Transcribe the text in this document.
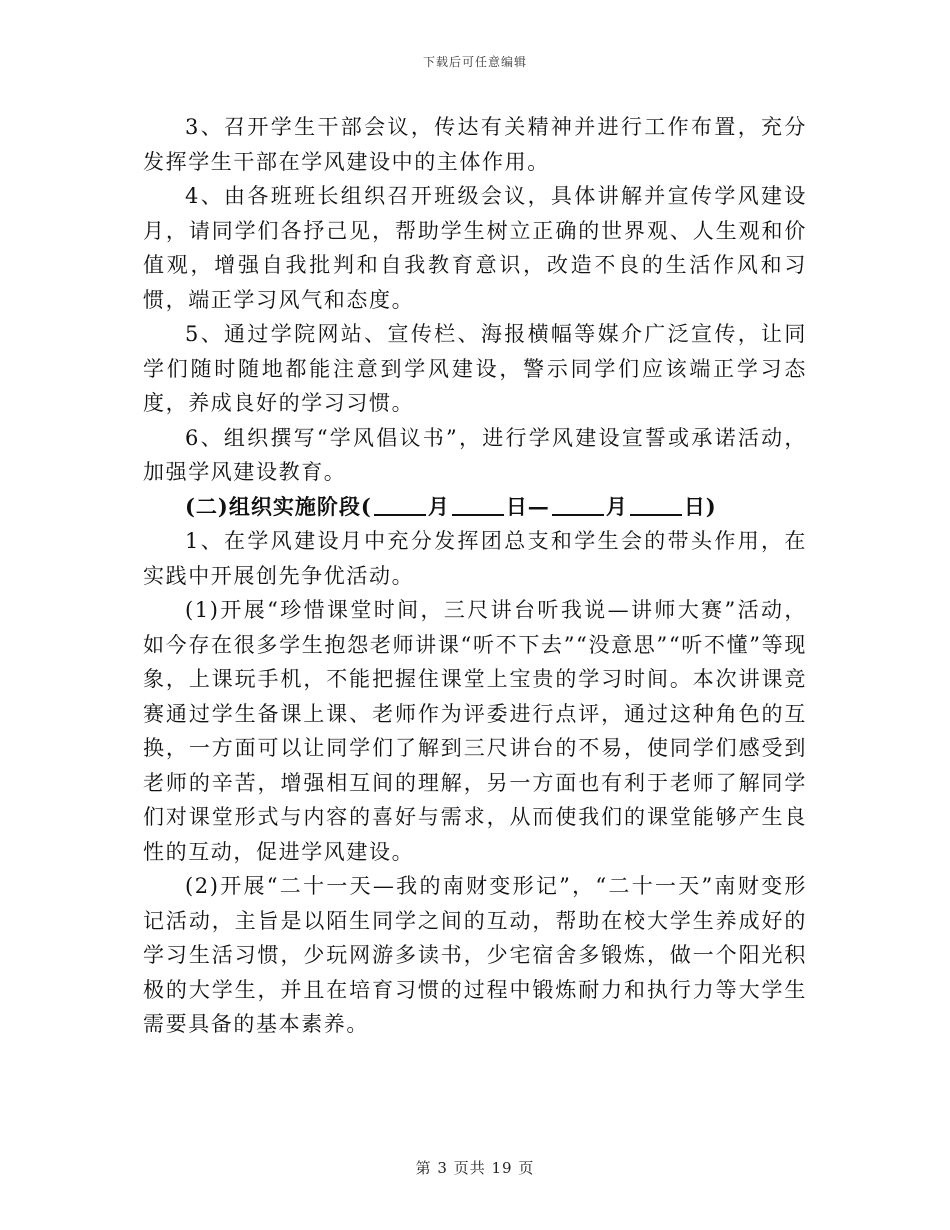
下载后可任意编辑

3、召开学生干部会议，传达有关精神并进行工作布置，充分发挥学生干部在学风建设中的主体作用。

4、由各班班长组织召开班级会议，具体讲解并宣传学风建设月，请同学们各抒己见，帮助学生树立正确的世界观、人生观和价值观，增强自我批判和自我教育意识，改造不良的生活作风和习惯，端正学习风气和态度。

5、通过学院网站、宣传栏、海报横幅等媒介广泛宣传，让同学们随时随地都能注意到学风建设，警示同学们应该端正学习态度，养成良好的学习习惯。

6、组织撰写“学风倡议书”，进行学风建设宣誓或承诺活动，加强学风建设教育。

(二)组织实施阶段(	月	日—	月	日)

1、在学风建设月中充分发挥团总支和学生会的带头作用，在实践中开展创先争优活动。

(1)开展“珍惜课堂时间，三尺讲台听我说—讲师大赛”活动，如今存在很多学生抱怨老师讲课“听不下去”“没意思”“听不懂”等现象，上课玩手机，不能把握住课堂上宝贵的学习时间。本次讲课竞赛通过学生备课上课、老师作为评委进行点评，通过这种角色的互换，一方面可以让同学们了解到三尺讲台的不易，使同学们感受到老师的辛苦，增强相互间的理解，另一方面也有利于老师了解同学们对课堂形式与内容的喜好与需求，从而使我们的课堂能够产生良性的互动，促进学风建设。

(2)开展“二十一天—我的南财变形记”，“二十一天”南财变形记活动，主旨是以陌生同学之间的互动，帮助在校大学生养成好的学习生活习惯，少玩网游多读书，少宅宿舍多锻炼，做一个阳光积极的大学生，并且在培育习惯的过程中锻炼耐力和执行力等大学生需要具备的基本素养。

第 3 页共 19 页
